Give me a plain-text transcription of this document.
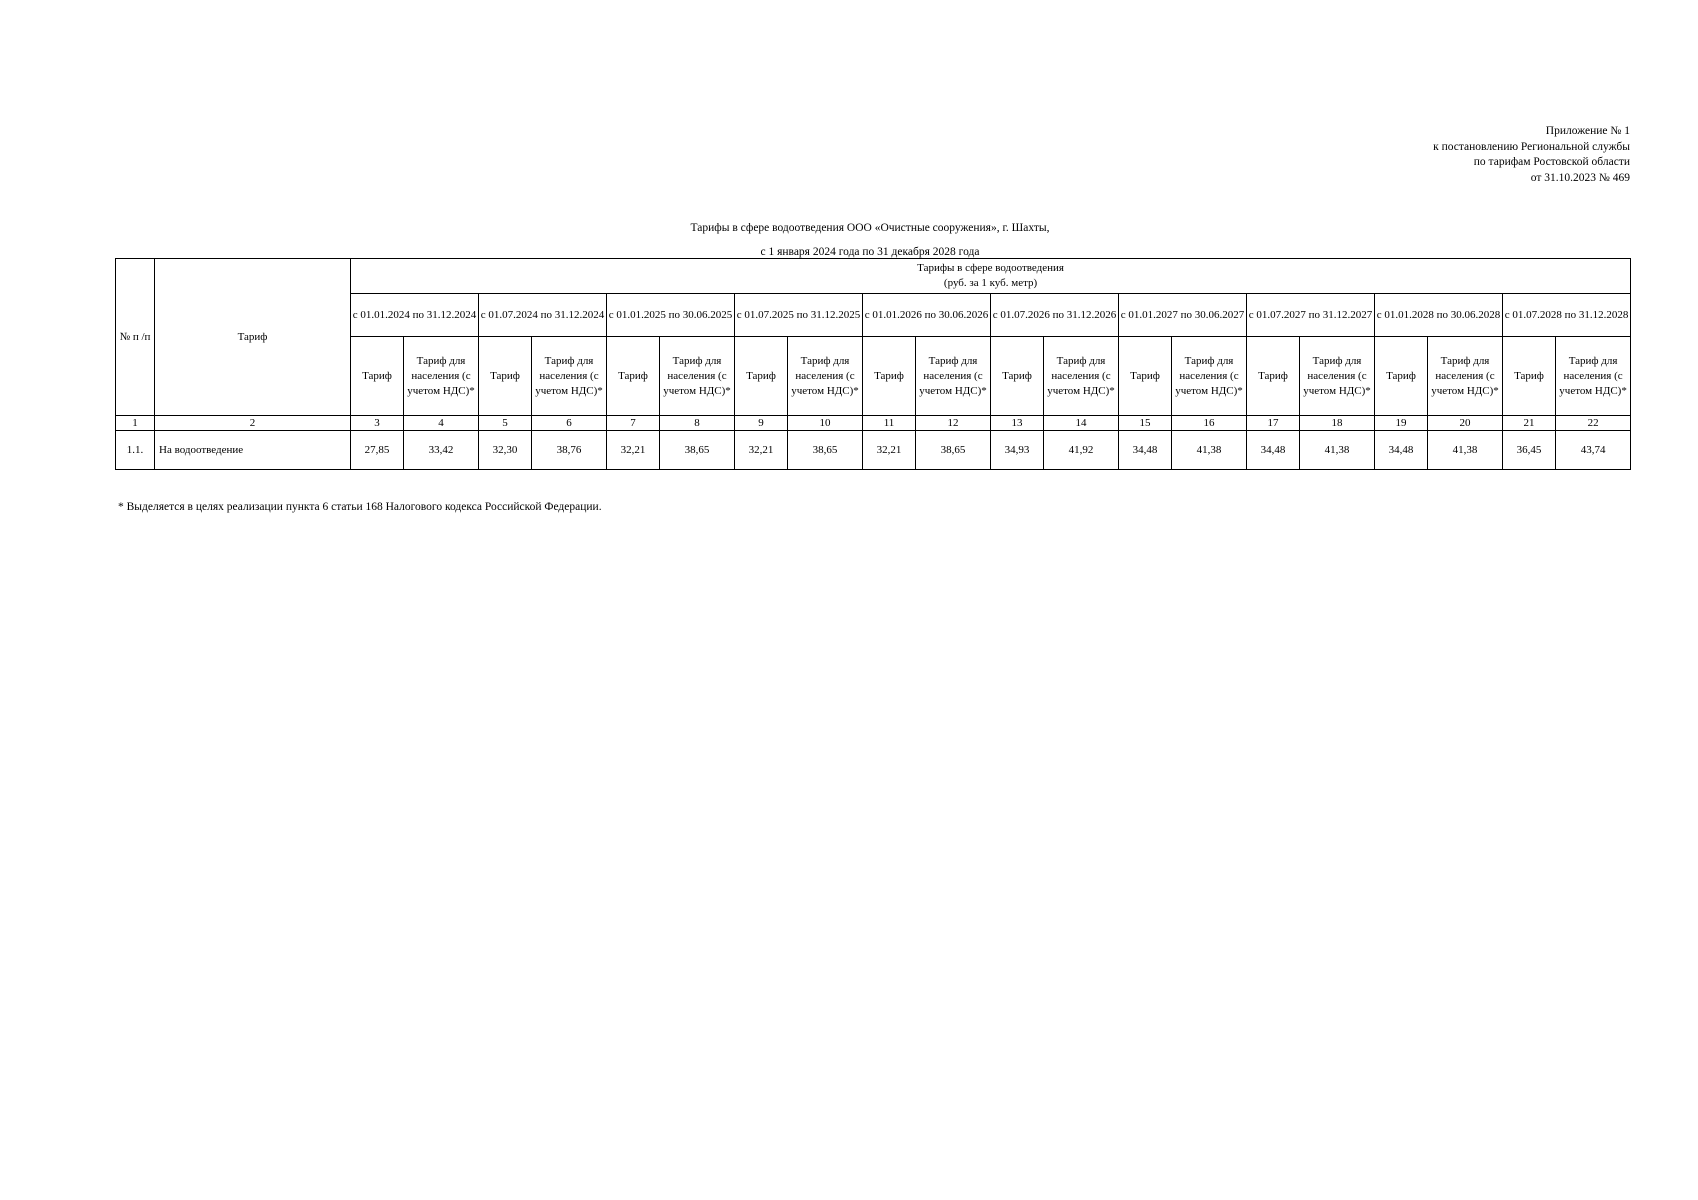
Приложение № 1
к постановлению Региональной службы
по тарифам Ростовской области
от 31.10.2023 № 469
Тарифы в сфере водоотведения ООО «Очистные сооружения», г. Шахты,
с 1 января 2024 года по 31 декабря 2028 года
№ п /п	Тариф	Тарифы в сфере водоотведения
(руб. за 1 куб. метр)																			

		с 01.01.2024 по 31.12.2024		с 01.07.2024 по 31.12.2024		с 01.01.2025 по 30.06.2025		с 01.07.2025 по 31.12.2025		с 01.01.2026 по 30.06.2026		с 01.07.2026 по 31.12.2026		с 01.01.2027 по 30.06.2027		с 01.07.2027 по 31.12.2027		с 01.01.2028 по 30.06.2028		с 01.07.2028 по 31.12.2028	
		Тариф	Тариф для населения (с учетом НДС)*	Тариф	Тариф для населения (с учетом НДС)*	Тариф	Тариф для населения (с учетом НДС)*	Тариф	Тариф для населения (с учетом НДС)*	Тариф	Тариф для населения (с учетом НДС)*	Тариф	Тариф для населения (с учетом НДС)*	Тариф	Тариф для населения (с учетом НДС)*	Тариф	Тариф для населения (с учетом НДС)*	Тариф	Тариф для населения (с учетом НДС)*	Тариф	Тариф для населения (с учетом НДС)*
1	2	3	4	5	6	7	8	9	10	11	12	13	14	15	16	17	18	19	20	21	22
1.1.	На водоотведение	27,85	33,42	32,30	38,76	32,21	38,65	32,21	38,65	32,21	38,65	34,93	41,92	34,48	41,38	34,48	41,38	34,48	41,38	36,45	43,74
* Выделяется в целях реализации пункта 6 статьи 168 Налогового кодекса Российской Федерации.
